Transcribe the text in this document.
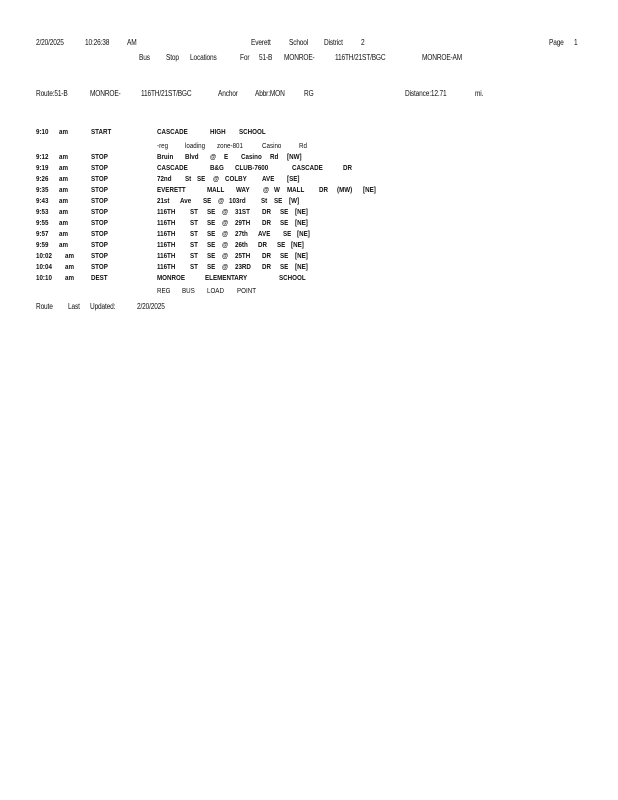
2/20/2025	10:26:38 AM	Everett School District 2	Page 1
Bus Stop Locations	For 51-B MONROE-	116TH/21ST/BGC	MONROE-AM
Route:51-B	MONROE-	116TH/21ST/BGC	Anchor Abbr:MON RG	Distance:12.71	mi.
9:10 am	START	CASCADE	HIGH SCHOOL
-reg loading zone-801	Casino Rd
9:12 am	STOP	Bruin Blvd @ E Casino Rd [NW]
9:19 am	STOP	CASCADE	B&G CLUB-7600	CASCADE	DR
9:26 am	STOP	72nd St SE @ COLBY AVE [SE]
9:35 am	STOP	EVERETT	MALL WAY @ W MALL DR (MW) [NE]
9:43 am	STOP	21st Ave SE @ 103rd St SE [W]
9:53 am	STOP	116TH ST SE @ 31ST DR SE [NE]
9:55 am	STOP	116TH ST SE @ 29TH DR SE [NE]
9:57 am	STOP	116TH ST SE @ 27th AVE SE [NE]
9:59 am	STOP	116TH ST SE @ 26th DR SE [NE]
10:02 am STOP	116TH ST SE @ 25TH DR SE [NE]
10:04 am STOP	116TH ST SE @ 23RD DR SE [NE]
10:10 am DEST	MONROE	ELEMENTARY	SCHOOL
REG BUS LOAD POINT
Route Last Updated:	2/20/2025
